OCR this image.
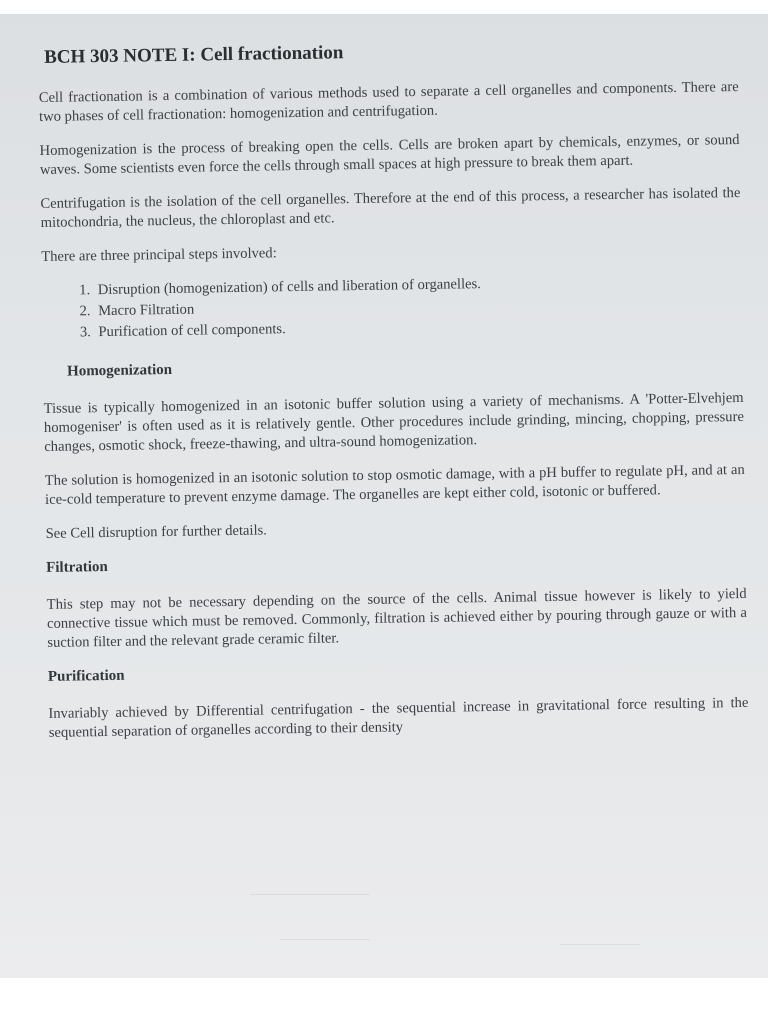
BCH 303 NOTE I: Cell fractionation

Cell fractionation is a combination of various methods used to separate a cell organelles and components. There are two phases of cell fractionation: homogenization and centrifugation.

Homogenization is the process of breaking open the cells. Cells are broken apart by chemicals, enzymes, or sound waves. Some scientists even force the cells through small spaces at high pressure to break them apart.

Centrifugation is the isolation of the cell organelles. Therefore at the end of this process, a researcher has isolated the mitochondria, the nucleus, the chloroplast and etc.

There are three principal steps involved:

1. Disruption (homogenization) of cells and liberation of organelles.
2. Macro Filtration
3. Purification of cell components.
Homogenization

Tissue is typically homogenized in an isotonic buffer solution using a variety of mechanisms. A 'Potter-Elvehjem homogeniser' is often used as it is relatively gentle. Other procedures include grinding, mincing, chopping, pressure changes, osmotic shock, freeze-thawing, and ultra-sound homogenization.

The solution is homogenized in an isotonic solution to stop osmotic damage, with a pH buffer to regulate pH, and at an ice-cold temperature to prevent enzyme damage. The organelles are kept either cold, isotonic or buffered.

See Cell disruption for further details.

Filtration

This step may not be necessary depending on the source of the cells. Animal tissue however is likely to yield connective tissue which must be removed. Commonly, filtration is achieved either by pouring through gauze or with a suction filter and the relevant grade ceramic filter.

Purification

Invariably achieved by Differential centrifugation - the sequential increase in gravitational force resulting in the sequential separation of organelles according to their density
